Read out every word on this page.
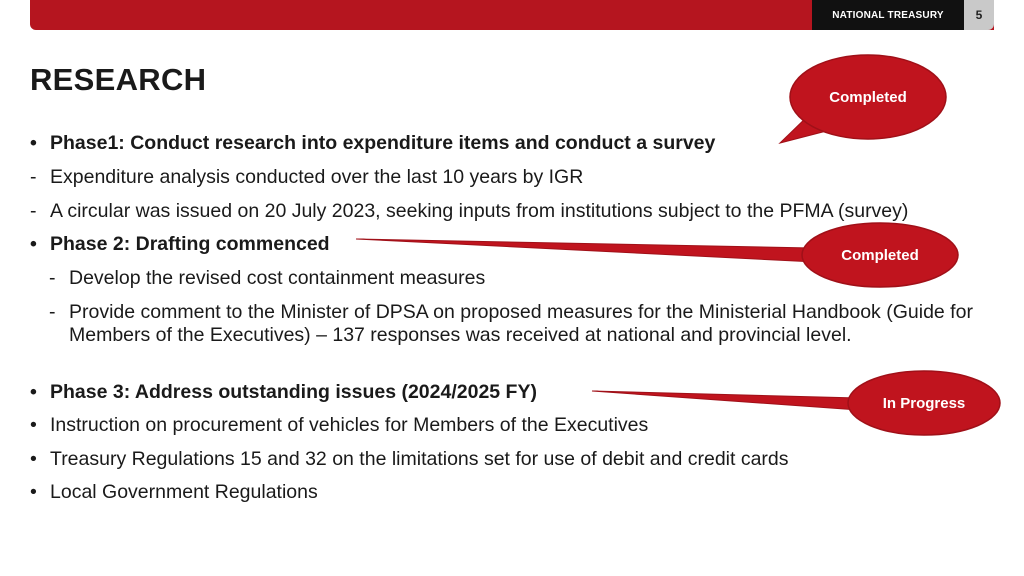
NATIONAL TREASURY	5
RESEARCH
Completed
Completed
In Progress
• Phase1: Conduct research into expenditure items and conduct a survey
- Expenditure analysis conducted over the last 10 years by IGR
- A circular was issued on 20 July 2023, seeking inputs from institutions subject to the PFMA (survey)
• Phase 2: Drafting commenced
- Develop the revised cost containment measures
- Provide comment to the Minister of DPSA on proposed measures for the Ministerial Handbook (Guide for Members of the Executives) – 137 responses was received at national and provincial level.
• Phase 3: Address outstanding issues (2024/2025 FY)
• Instruction on procurement of vehicles for Members of the Executives
• Treasury Regulations 15 and 32 on the limitations set for use of debit and credit cards
• Local Government Regulations
